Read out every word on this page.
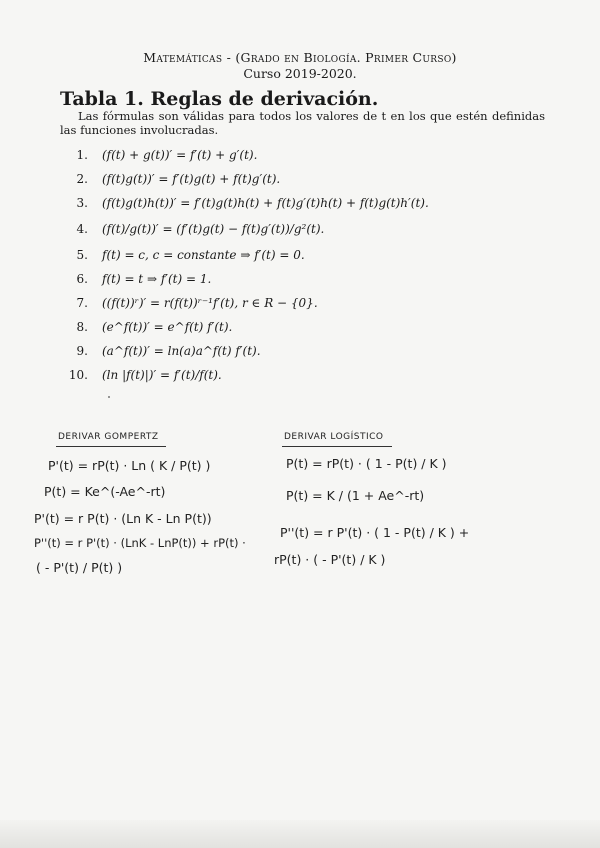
Matemáticas - (Grado en Biología. Primer Curso)
Curso 2019-2020.
Tabla 1. Reglas de derivación.
Las fórmulas son válidas para todos los valores de t en los que estén definidas las funciones involucradas.
1. (f(t) + g(t))′ = f′(t) + g′(t).
2. (f(t)g(t))′ = f′(t)g(t) + f(t)g′(t).
3. (f(t)g(t)h(t))′ = f′(t)g(t)h(t) + f(t)g′(t)h(t) + f(t)g(t)h′(t).
4. (f(t)/g(t))′ = (f′(t)g(t) − f(t)g′(t))/g²(t).
5. f(t) = c, c = constante ⇒ f′(t) = 0.
6. f(t) = t ⇒ f′(t) = 1.
7. ((f(t))ʳ)′ = r(f(t))ʳ⁻¹f′(t), r ∈ R − {0}.
8. (e^f(t))′ = e^f(t) f′(t).
9. (a^f(t))′ = ln(a)a^f(t) f′(t).
10. (ln |f(t)|)′ = f′(t)/f(t).
DERIVAR GOMPERTZ
P'(t) = rP(t) · Ln ( K / P(t) )
P(t) = Ke^(-Ae^-rt)
P'(t) = r P(t) · (Ln K - Ln P(t))
P''(t) = r P'(t) · (LnK - LnP(t)) + rP(t) ·
( - P'(t) / P(t) )
DERIVAR LOGÍSTICO
P(t) = rP(t) · ( 1 - P(t) / K )
P(t) = K / (1 + Ae^-rt)
P''(t) = r P'(t) · ( 1 - P(t) / K ) +
rP(t) · ( - P'(t) / K )
